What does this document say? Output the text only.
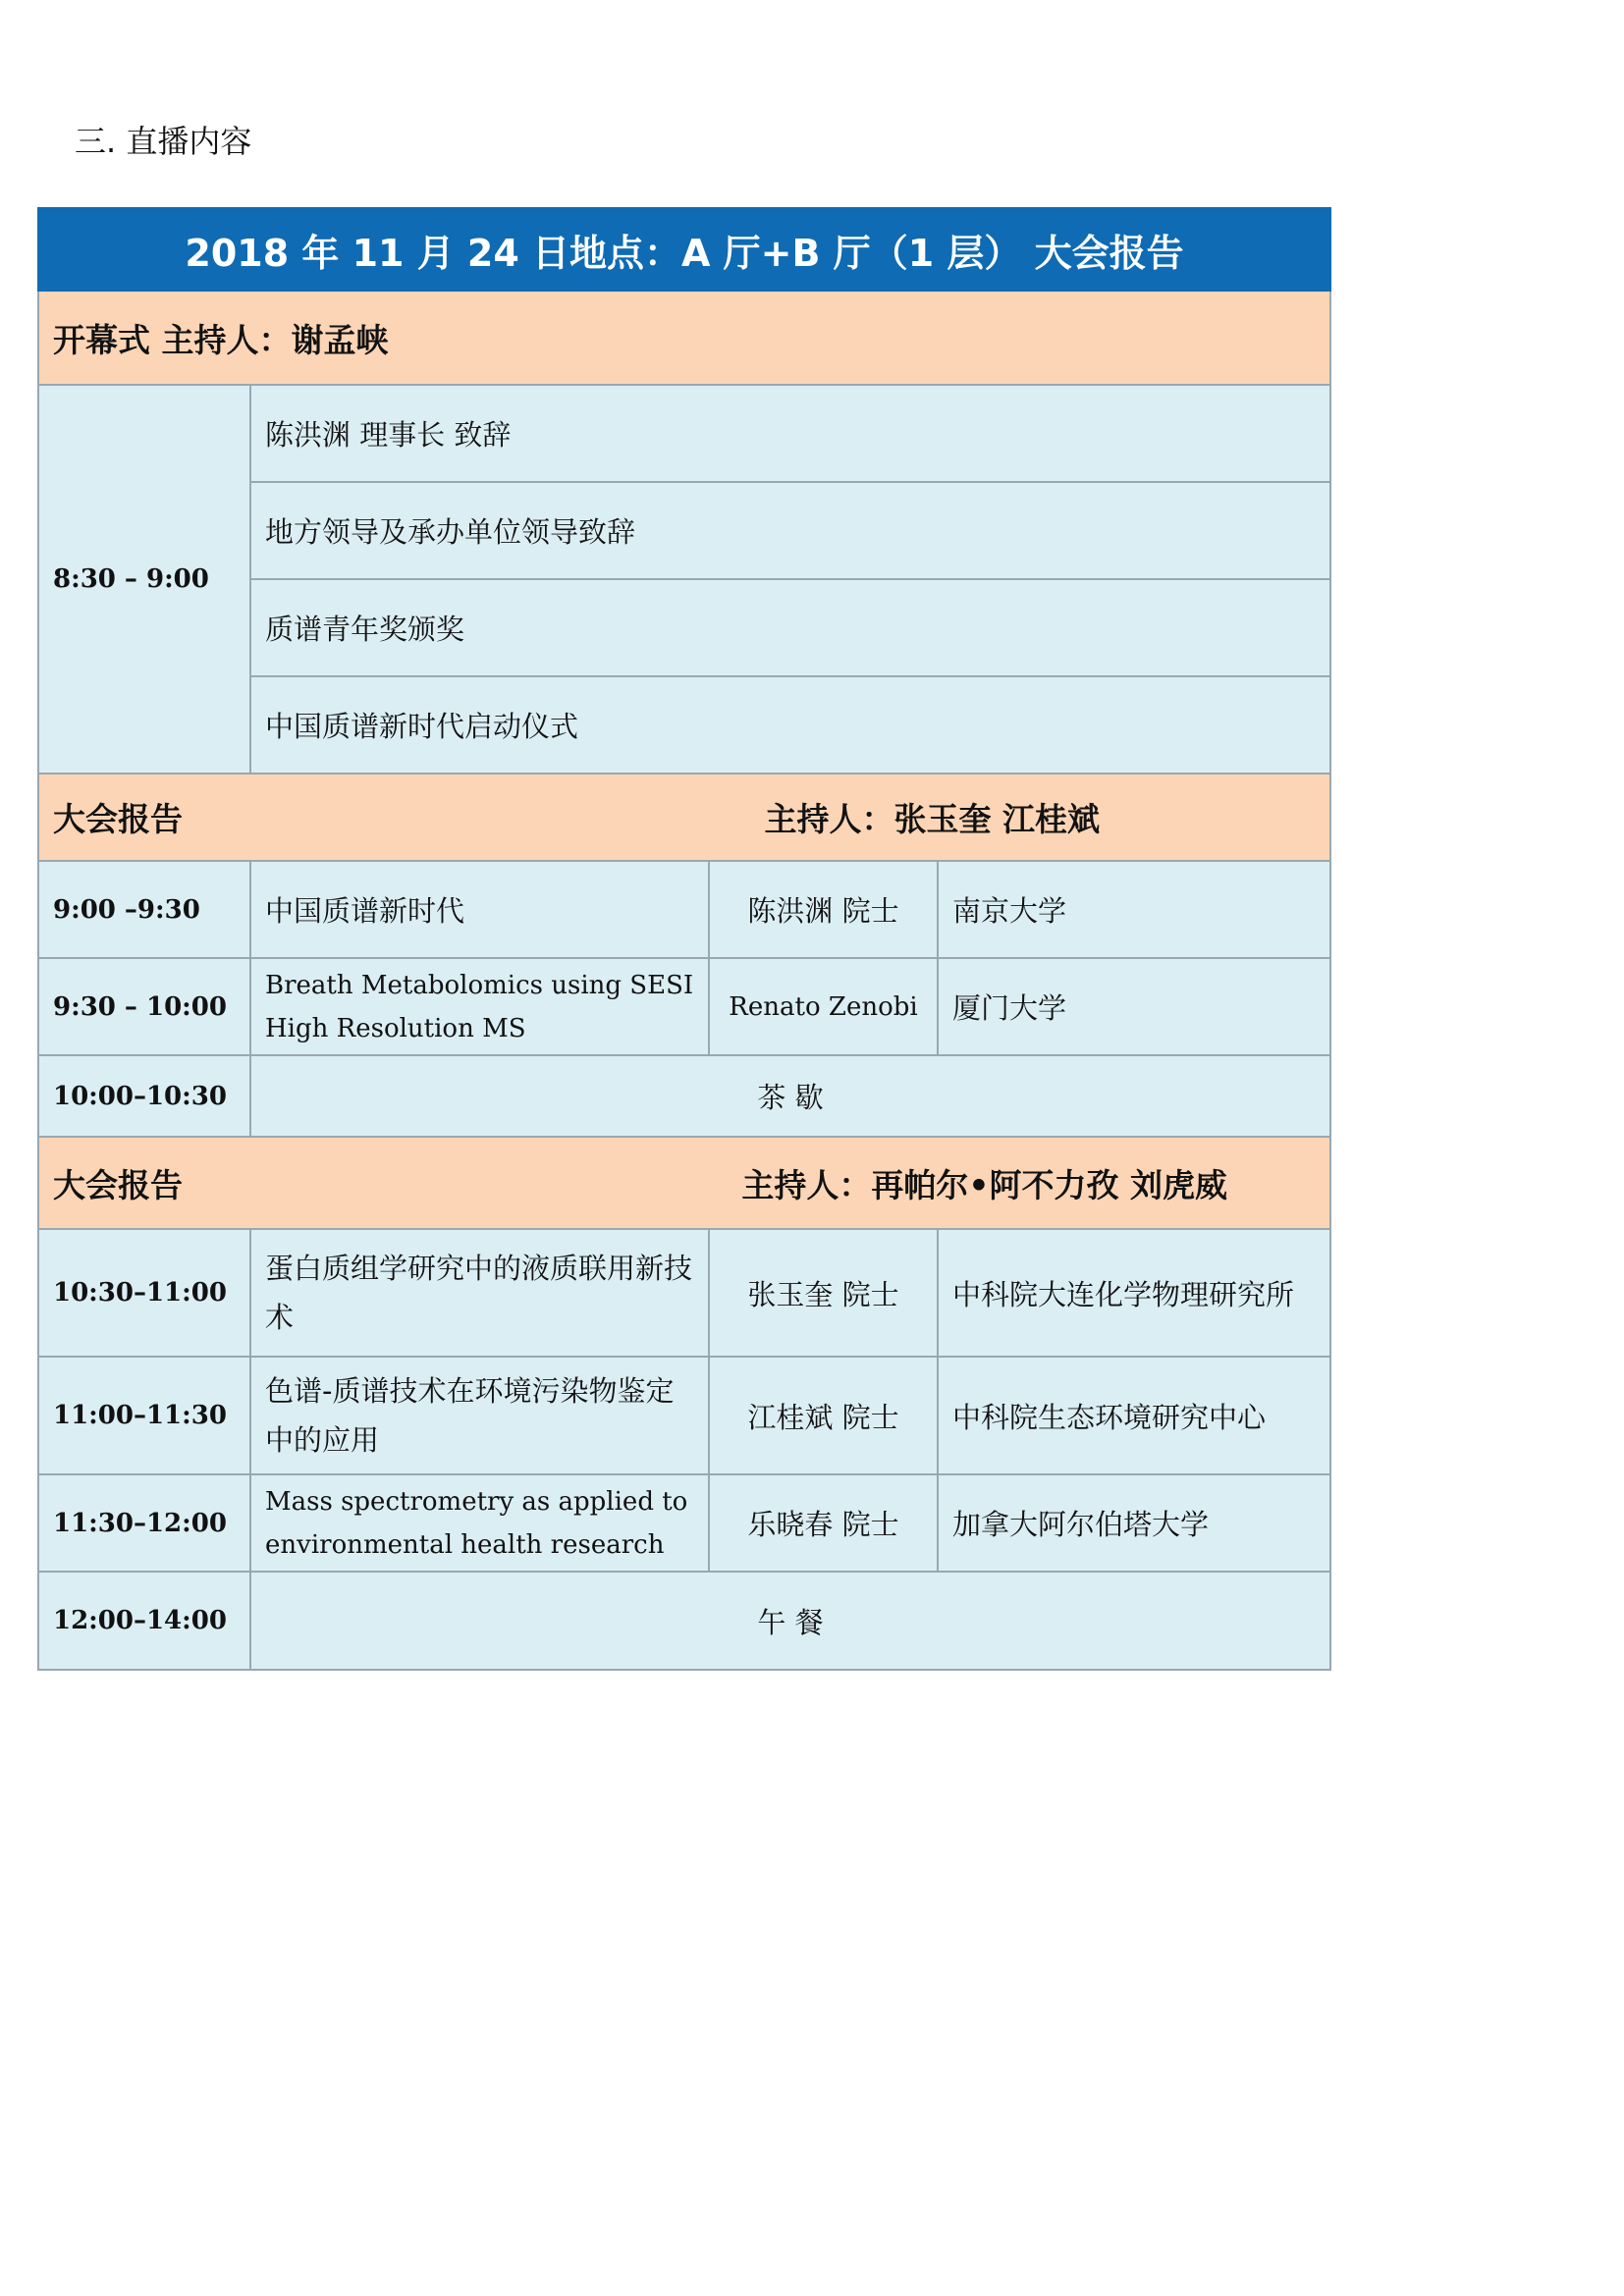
三. 直播内容
2018 年 11 月 24 日地点：A 厅+B 厅（1 层） 大会报告			
开幕式 主持人：谢孟峡			
8:30 – 9:00	陈洪渊 理事长 致辞		
	地方领导及承办单位领导致辞		
	质谱青年奖颁奖		
	中国质谱新时代启动仪式		

大会报告 主持人：张玉奎 江桂斌			

9:00 –9:30	中国质谱新时代	陈洪渊 院士	南京大学
9:30 – 10:00	Breath Metabolomics using SESI High Resolution MS	Renato Zenobi	厦门大学
10:00–10:30	茶 歇		

大会报告 主持人：再帕尔•阿不力孜 刘虎威			

10:30–11:00	蛋白质组学研究中的液质联用新技术	张玉奎 院士	中科院大连化学物理研究所
11:00–11:30	色谱-质谱技术在环境污染物鉴定中的应用	江桂斌 院士	中科院生态环境研究中心
11:30–12:00	Mass spectrometry as applied to environmental health research	乐晓春 院士	加拿大阿尔伯塔大学
12:00–14:00	午 餐		
